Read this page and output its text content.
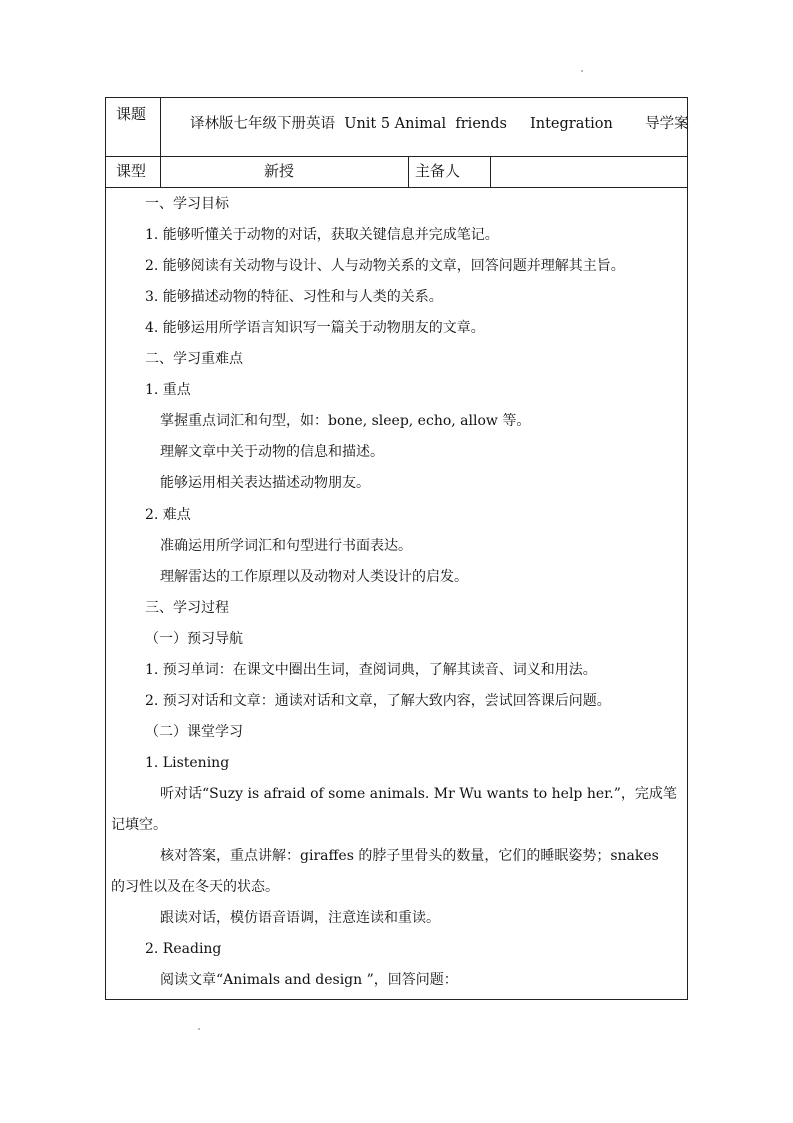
课题
译林版七年级下册英语  Unit 5 Animal  friends     Integration       导学案
课型	新授	主备人
一、学习目标
1. 能够听懂关于动物的对话，获取关键信息并完成笔记。
2. 能够阅读有关动物与设计、人与动物关系的文章，回答问题并理解其主旨。
3. 能够描述动物的特征、习性和与人类的关系。
4. 能够运用所学语言知识写一篇关于动物朋友的文章。
二、学习重难点
1. 重点
掌握重点词汇和句型，如：bone, sleep, echo, allow 等。
理解文章中关于动物的信息和描述。
能够运用相关表达描述动物朋友。
2. 难点
准确运用所学词汇和句型进行书面表达。
理解雷达的工作原理以及动物对人类设计的启发。
三、学习过程
（一）预习导航
1. 预习单词：在课文中圈出生词，查阅词典，了解其读音、词义和用法。
2. 预习对话和文章：通读对话和文章，了解大致内容，尝试回答课后问题。
（二）课堂学习
1. Listening
听对话“Suzy is afraid of some animals. Mr Wu wants to help her.”，完成笔
记填空。
核对答案，重点讲解：giraffes 的脖子里骨头的数量，它们的睡眠姿势；snakes
的习性以及在冬天的状态。
跟读对话，模仿语音语调，注意连读和重读。
2. Reading
阅读文章“Animals and design ”，回答问题：
